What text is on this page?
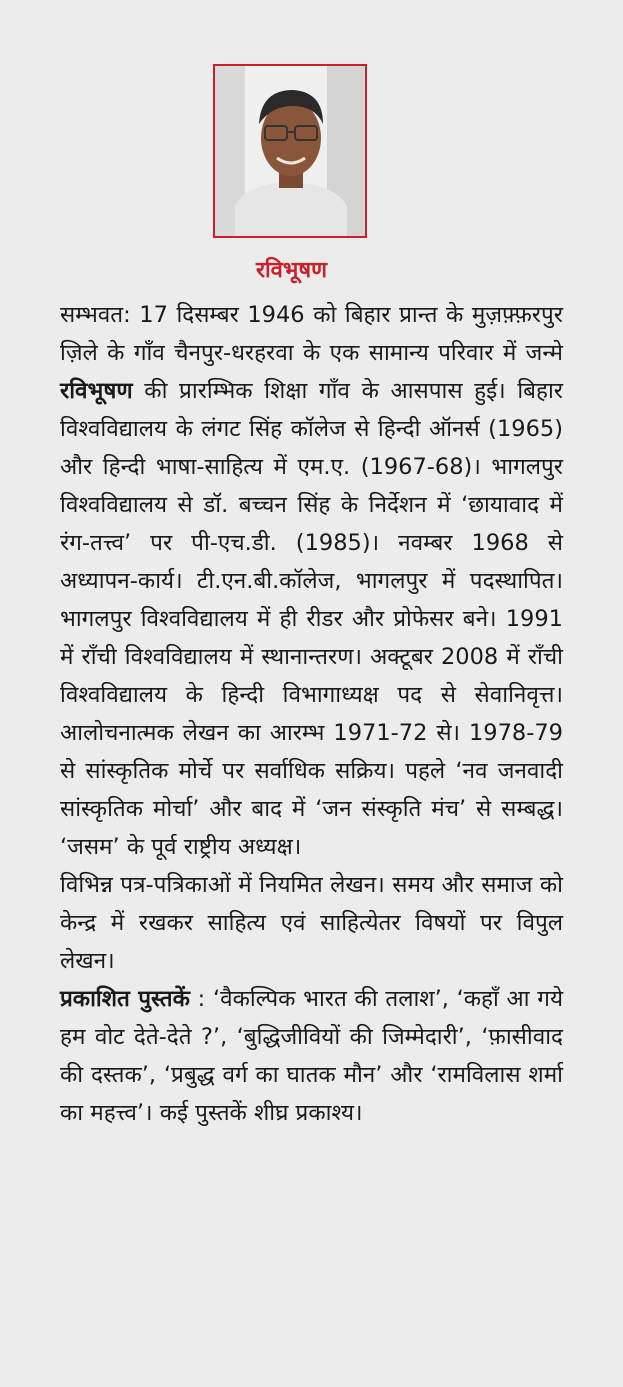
रविभूषण

सम्भवत: 17 दिसम्बर 1946 को बिहार प्रान्त के मुज़फ़्फ़रपुर ज़िले के गाँव चैनपुर-धरहरवा के एक सामान्य परिवार में जन्मे रविभूषण की प्रारम्भिक शिक्षा गाँव के आसपास हुई। बिहार विश्वविद्यालय के लंगट सिंह कॉलेज से हिन्दी ऑनर्स (1965) और हिन्दी भाषा-साहित्य में एम.ए. (1967-68)। भागलपुर विश्वविद्यालय से डॉ. बच्चन सिंह के निर्देशन में ‘छायावाद में रंग-तत्त्व’ पर पी-एच.डी. (1985)। नवम्बर 1968 से अध्यापन-कार्य। टी.एन.बी.कॉलेज, भागलपुर में पदस्थापित। भागलपुर विश्वविद्यालय में ही रीडर और प्रोफेसर बने। 1991 में राँची विश्वविद्यालय में स्थानान्तरण। अक्टूबर 2008 में राँची विश्वविद्यालय के हिन्दी विभागाध्यक्ष पद से सेवानिवृत्त। आलोचनात्मक लेखन का आरम्भ 1971-72 से। 1978-79 से सांस्कृतिक मोर्चे पर सर्वाधिक सक्रिय। पहले ‘नव जनवादी सांस्कृतिक मोर्चा’ और बाद में ‘जन संस्कृति मंच’ से सम्बद्ध। ‘जसम’ के पूर्व राष्ट्रीय अध्यक्ष।

विभिन्न पत्र-पत्रिकाओं में नियमित लेखन। समय और समाज को केन्द्र में रखकर साहित्य एवं साहित्येतर विषयों पर विपुल लेखन।

प्रकाशित पुस्तकें : ‘वैकल्पिक भारत की तलाश’, ‘कहाँ आ गये हम वोट देते-देते ?’, ‘बुद्धिजीवियों की जिम्मेदारी’, ‘फ़ासीवाद की दस्तक’, ‘प्रबुद्ध वर्ग का घातक मौन’ और ‘रामविलास शर्मा का महत्त्व’। कई पुस्तकें शीघ्र प्रकाश्य।
